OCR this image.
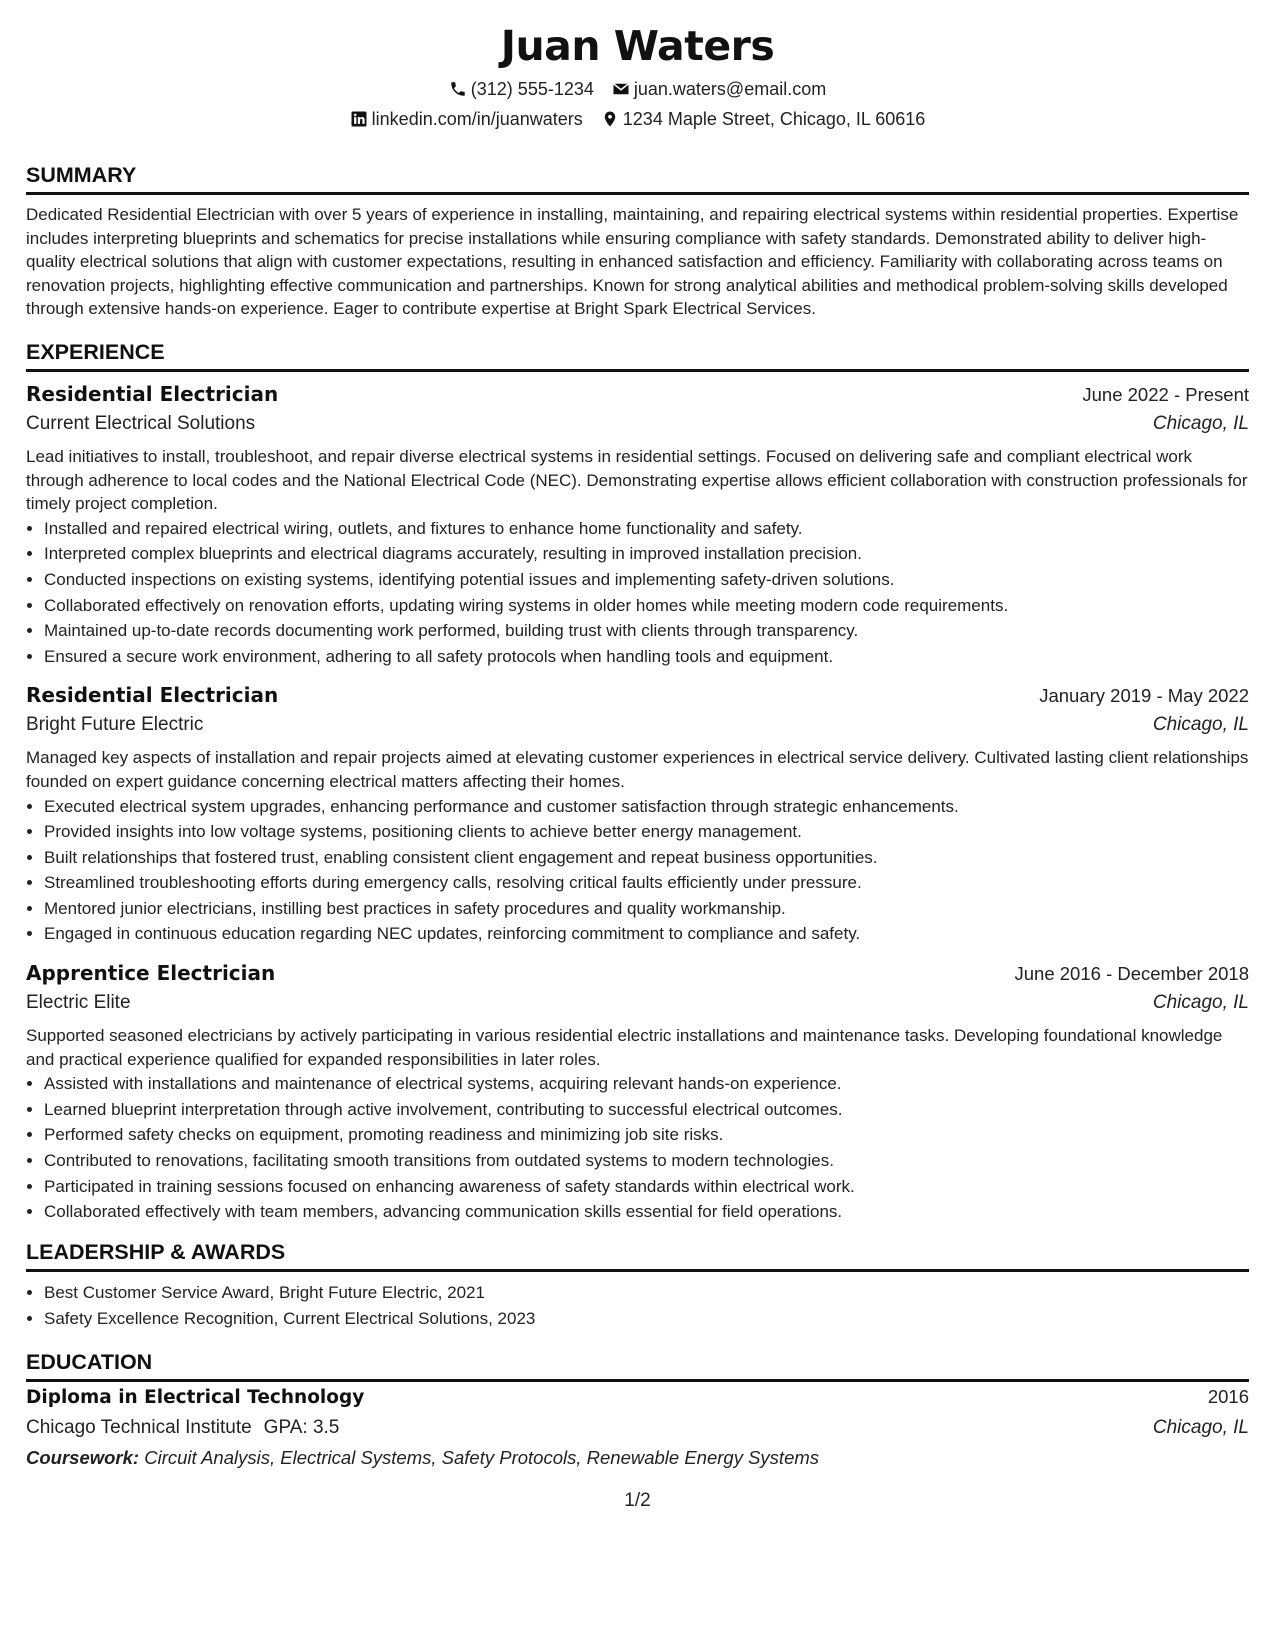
Juan Waters
(312) 555-1234 juan.waters@email.com
linkedin.com/in/juanwaters 1234 Maple Street, Chicago, IL 60616
SUMMARY

Dedicated Residential Electrician with over 5 years of experience in installing, maintaining, and repairing electrical systems within residential properties. Expertise includes interpreting blueprints and schematics for precise installations while ensuring compliance with safety standards. Demonstrated ability to deliver high-quality electrical solutions that align with customer expectations, resulting in enhanced satisfaction and efficiency. Familiarity with collaborating across teams on renovation projects, highlighting effective communication and partnerships. Known for strong analytical abilities and methodical problem-solving skills developed through extensive hands-on experience. Eager to contribute expertise at Bright Spark Electrical Services.

EXPERIENCE
Residential Electrician	June 2022 - Present
Current Electrical Solutions	Chicago, IL

Lead initiatives to install, troubleshoot, and repair diverse electrical systems in residential settings. Focused on delivering safe and compliant electrical work through adherence to local codes and the National Electrical Code (NEC). Demonstrating expertise allows efficient collaboration with construction professionals for timely project completion.

• Installed and repaired electrical wiring, outlets, and fixtures to enhance home functionality and safety.
• Interpreted complex blueprints and electrical diagrams accurately, resulting in improved installation precision.
• Conducted inspections on existing systems, identifying potential issues and implementing safety-driven solutions.
• Collaborated effectively on renovation efforts, updating wiring systems in older homes while meeting modern code requirements.
• Maintained up-to-date records documenting work performed, building trust with clients through transparency.
• Ensured a secure work environment, adhering to all safety protocols when handling tools and equipment.
Residential Electrician	January 2019 - May 2022
Bright Future Electric	Chicago, IL

Managed key aspects of installation and repair projects aimed at elevating customer experiences in electrical service delivery. Cultivated lasting client relationships founded on expert guidance concerning electrical matters affecting their homes.

• Executed electrical system upgrades, enhancing performance and customer satisfaction through strategic enhancements.
• Provided insights into low voltage systems, positioning clients to achieve better energy management.
• Built relationships that fostered trust, enabling consistent client engagement and repeat business opportunities.
• Streamlined troubleshooting efforts during emergency calls, resolving critical faults efficiently under pressure.
• Mentored junior electricians, instilling best practices in safety procedures and quality workmanship.
• Engaged in continuous education regarding NEC updates, reinforcing commitment to compliance and safety.
Apprentice Electrician	June 2016 - December 2018
Electric Elite	Chicago, IL

Supported seasoned electricians by actively participating in various residential electric installations and maintenance tasks. Developing foundational knowledge and practical experience qualified for expanded responsibilities in later roles.

• Assisted with installations and maintenance of electrical systems, acquiring relevant hands-on experience.
• Learned blueprint interpretation through active involvement, contributing to successful electrical outcomes.
• Performed safety checks on equipment, promoting readiness and minimizing job site risks.
• Contributed to renovations, facilitating smooth transitions from outdated systems to modern technologies.
• Participated in training sessions focused on enhancing awareness of safety standards within electrical work.
• Collaborated effectively with team members, advancing communication skills essential for field operations.
LEADERSHIP & AWARDS
• Best Customer Service Award, Bright Future Electric, 2021
• Safety Excellence Recognition, Current Electrical Solutions, 2023
EDUCATION
Diploma in Electrical Technology	2016
Chicago Technical Institute GPA: 3.5	Chicago, IL
Coursework: Circuit Analysis, Electrical Systems, Safety Protocols, Renewable Energy Systems
1/2
